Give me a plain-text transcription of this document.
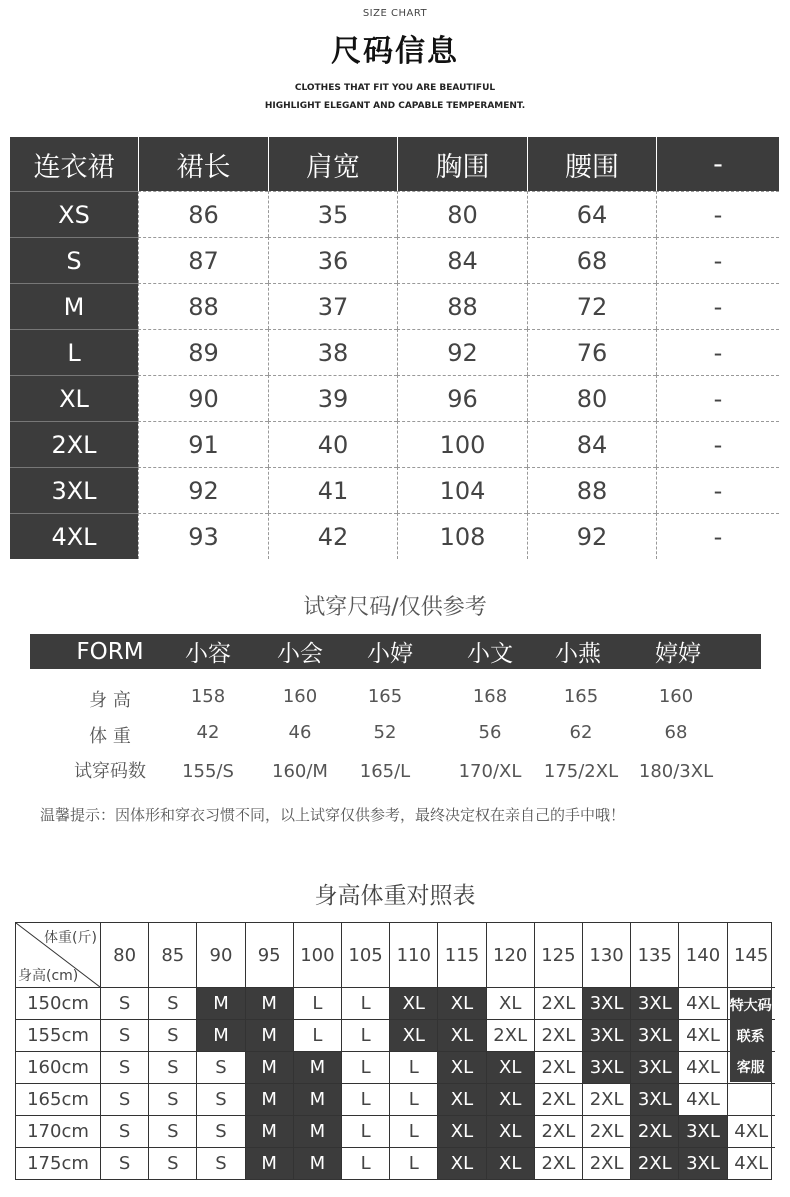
SIZE CHART
尺码信息
CLOTHES THAT FIT YOU ARE BEAUTIFUL
HIGHLIGHT ELEGANT AND CAPABLE TEMPERAMENT.
连衣裙	裙长	肩宽	胸围	腰围	-
XS	86	35	80	64	-
S	87	36	84	68	-
M	88	37	88	72	-
L	89	38	92	76	-
XL	90	39	96	80	-
2XL	91	40	100	84	-
3XL	92	41	104	88	-
4XL	93	42	108	92	-
试穿尺码/仅供参考
FORM	小容	小会	小婷	小文	小燕	婷婷
身 高	158	160	165	168	165	160
体 重	42	46	52	56	62	68
试穿码数	155/S	160/M	165/L	170/XL	175/2XL	180/3XL
温馨提示：因体形和穿衣习惯不同，以上试穿仅供参考，最终决定权在亲自己的手中哦！
身高体重对照表
体重(斤)
身高(cm)
80	85	90	95	100 105 110 115 120 125 130 135 140 145
150cm	S	S	M	M	L	L	XL	XL	XL	2XL 3XL 3XL 4XL
155cm	S	S	M	M	L	L	XL	XL	2XL 2XL 3XL 3XL 4XL
160cm	S	S	S	M	M	L	L	XL	XL	2XL 3XL 3XL 4XL
165cm	S	S	S	M	M	L	L	XL	XL	2XL 2XL 3XL 4XL
170cm	S	S	S	M	M	L	L	XL	XL	2XL 2XL 2XL 3XL 4XL
175cm	S	S	S	M	M	L	L	XL	XL	2XL 2XL 2XL 3XL 4XL
特大码
联系
客服
